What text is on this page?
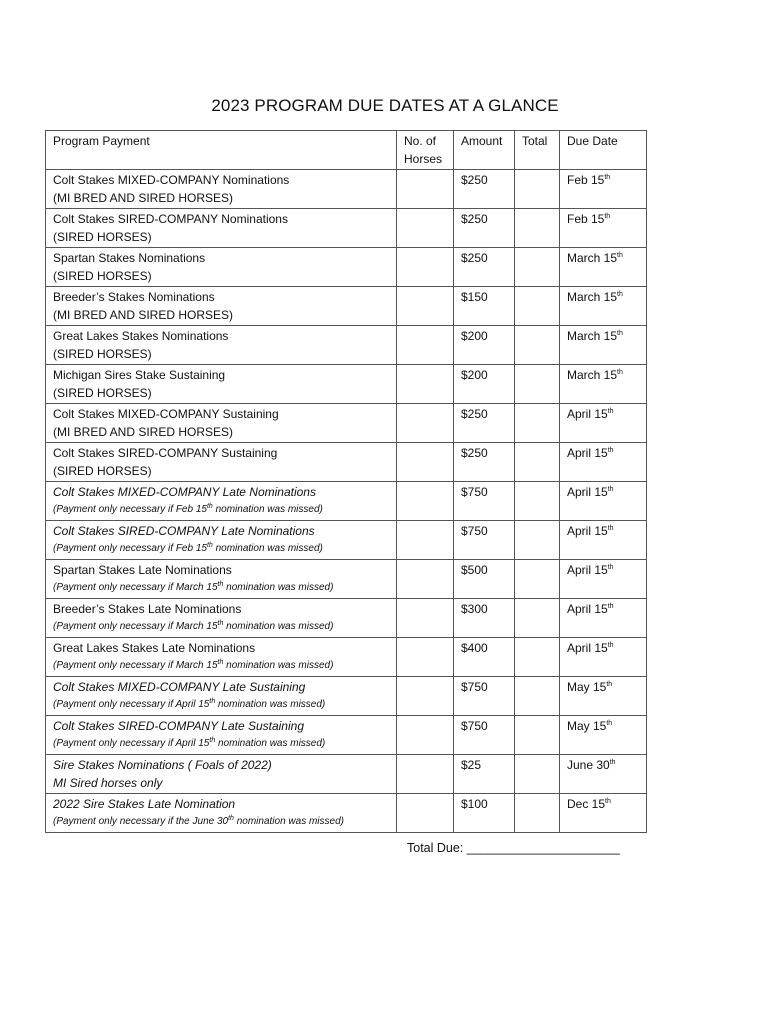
2023 PROGRAM DUE DATES AT A GLANCE
Program Payment	No. of Horses	Amount	Total	Due Date

Colt Stakes MIXED-COMPANY Nominations
(MI BRED AND SIRED HORSES)		$250		Feb 15th

Colt Stakes SIRED-COMPANY Nominations
(SIRED HORSES)		$250		Feb 15th

Spartan Stakes Nominations
(SIRED HORSES)		$250		March 15th

Breeder’s Stakes Nominations
(MI BRED AND SIRED HORSES)		$150		March 15th

Great Lakes Stakes Nominations
(SIRED HORSES)		$200		March 15th

Michigan Sires Stake Sustaining
(SIRED HORSES)		$200		March 15th

Colt Stakes MIXED-COMPANY Sustaining
(MI BRED AND SIRED HORSES)		$250		April 15th

Colt Stakes SIRED-COMPANY Sustaining
(SIRED HORSES)		$250		April 15th

Colt Stakes MIXED-COMPANY Late Nominations
(Payment only necessary if Feb 15th nomination was missed)		$750		April 15th

Colt Stakes SIRED-COMPANY Late Nominations
(Payment only necessary if Feb 15th nomination was missed)		$750		April 15th

Spartan Stakes Late Nominations
(Payment only necessary if March 15th nomination was missed)		$500		April 15th

Breeder’s Stakes Late Nominations
(Payment only necessary if March 15th nomination was missed)		$300		April 15th

Great Lakes Stakes Late Nominations
(Payment only necessary if March 15th nomination was missed)		$400		April 15th

Colt Stakes MIXED-COMPANY Late Sustaining
(Payment only necessary if April 15th nomination was missed)		$750		May 15th

Colt Stakes SIRED-COMPANY Late Sustaining
(Payment only necessary if April 15th nomination was missed)		$750		May 15th

Sire Stakes Nominations ( Foals of 2022)
MI Sired horses only		$25		June 30th

2022 Sire Stakes Late Nomination
(Payment only necessary if the June 30th nomination was missed)		$100		Dec 15th
Total Due: ______________________
